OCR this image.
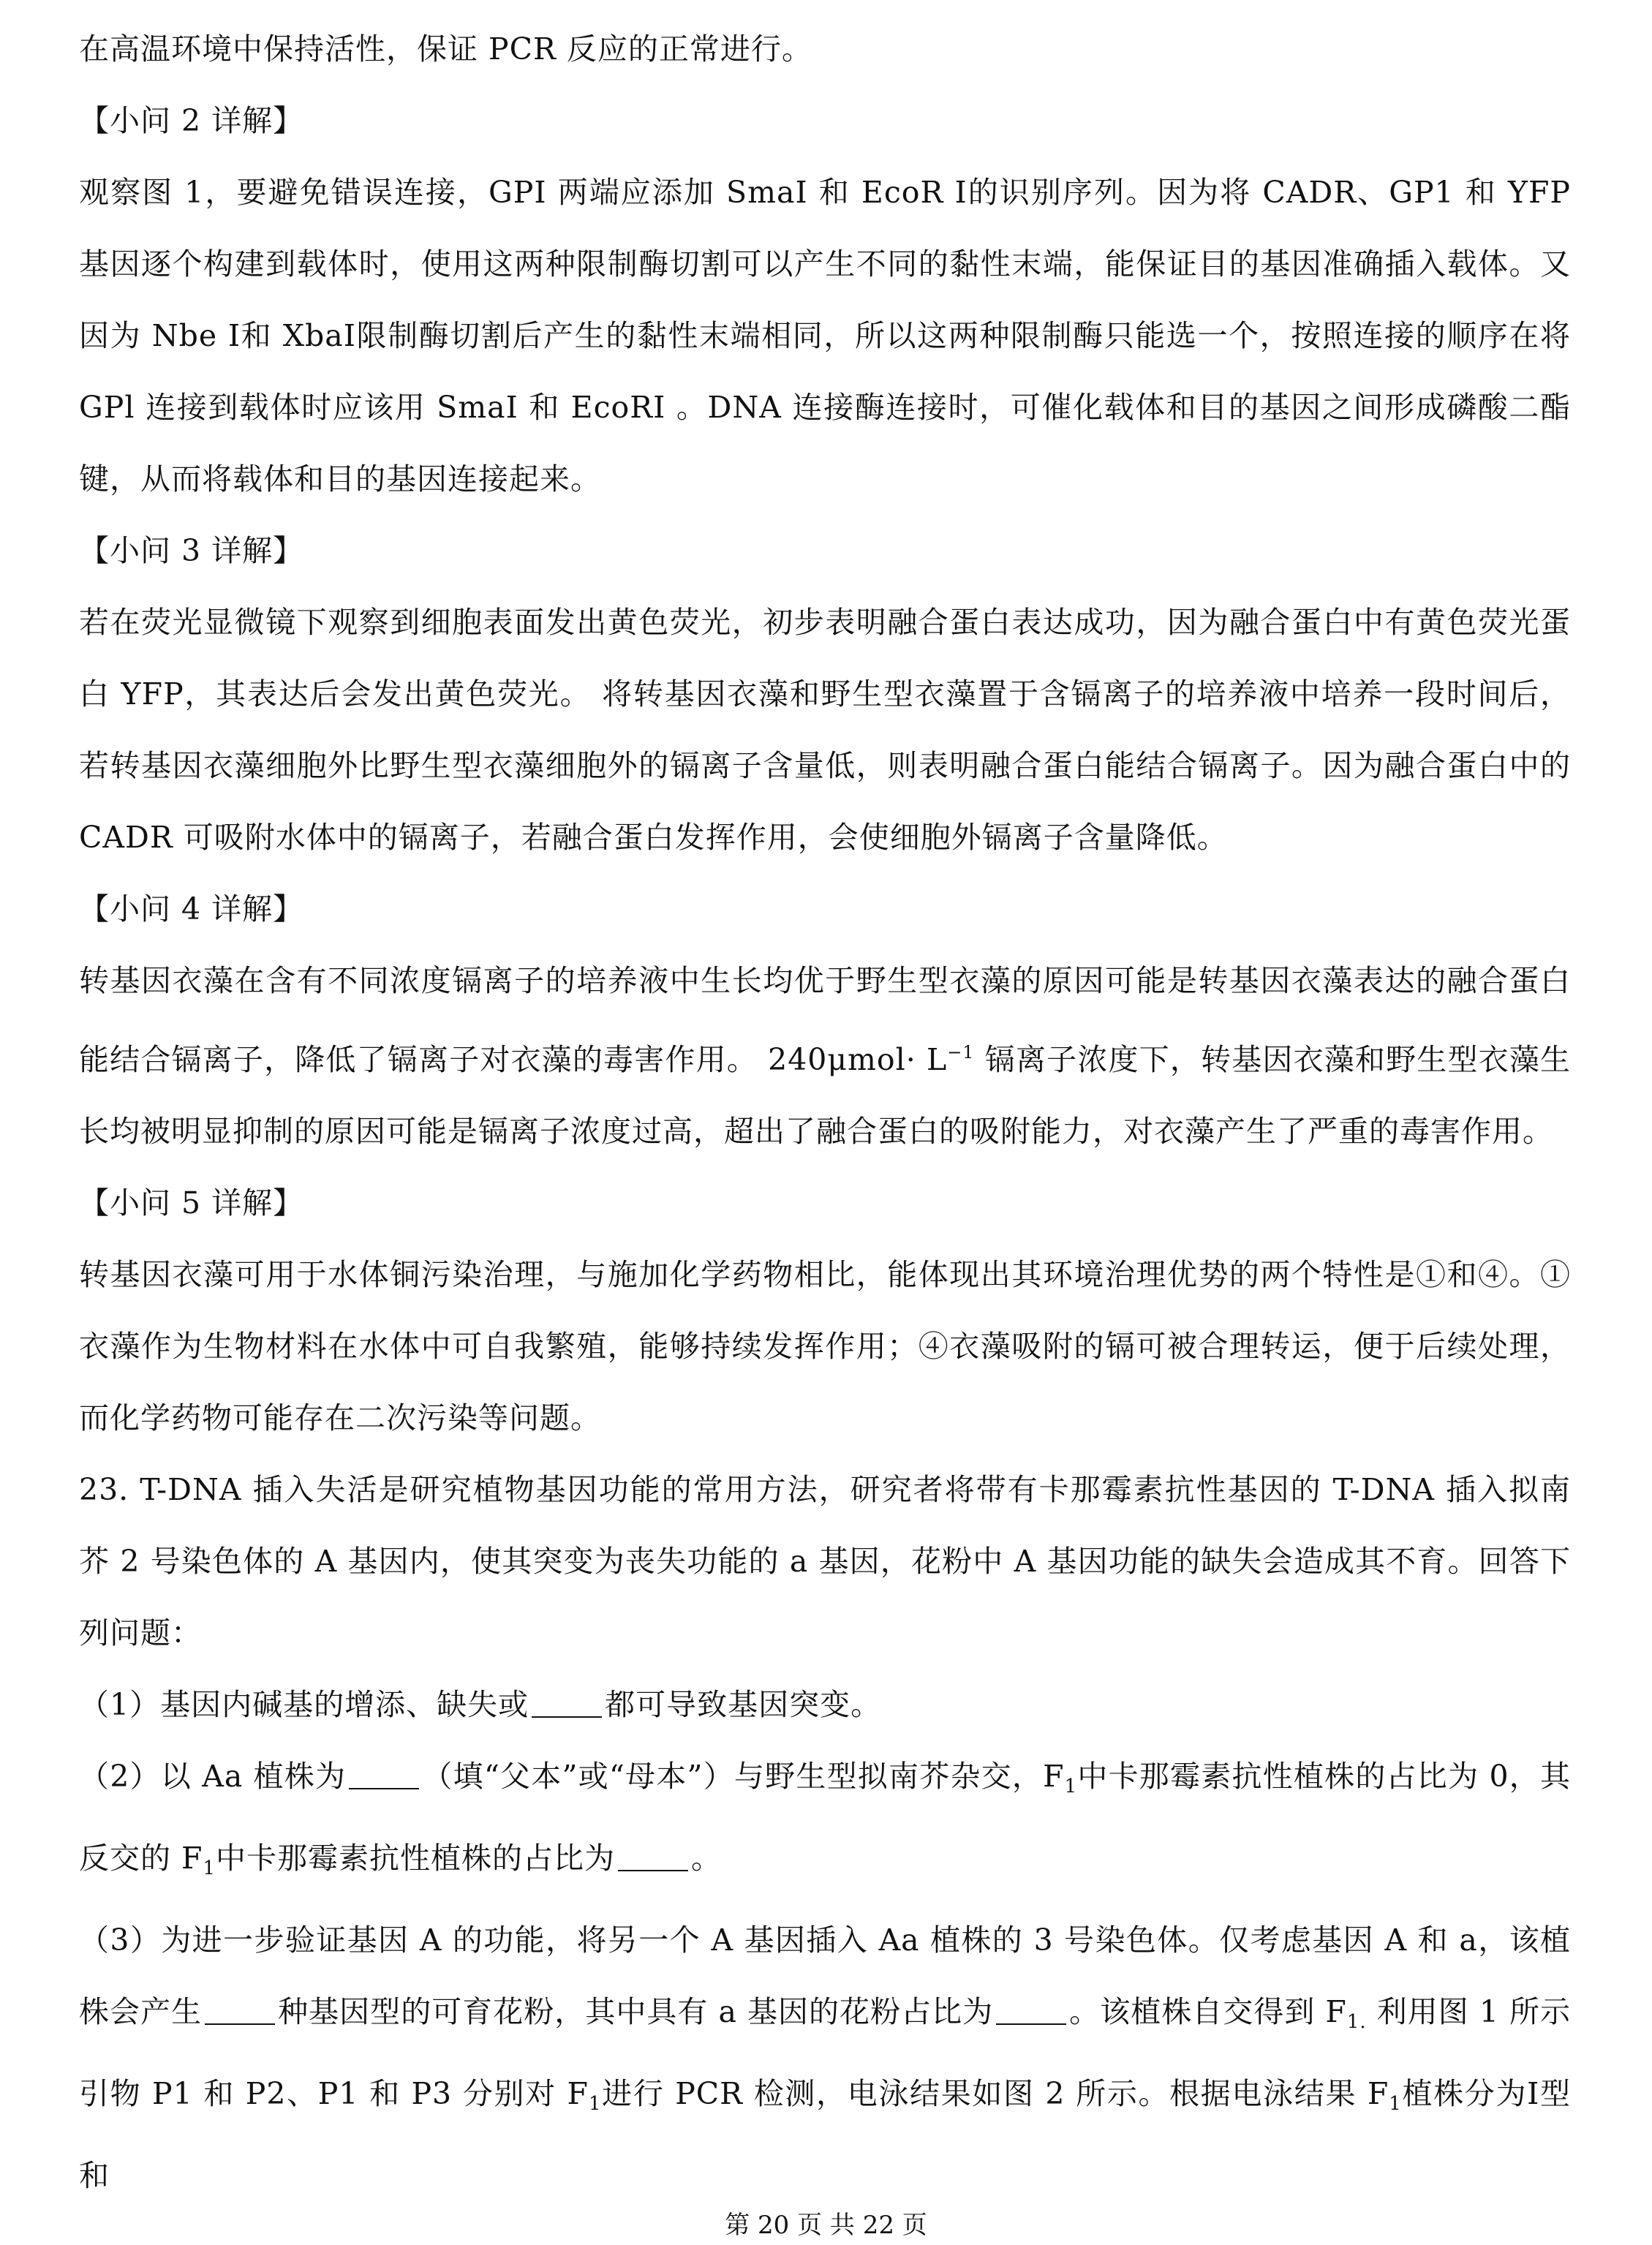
在高温环境中保持活性，保证 PCR 反应的正常进行。

【小问 2 详解】

观察图 1，要避免错误连接，GPI 两端应添加 SmaI 和 EcoR I的识别序列。因为将 CADR、GP1 和 YFP 基因逐个构建到载体时，使用这两种限制酶切割可以产生不同的黏性末端，能保证目的基因准确插入载体。又因为 Nbe I和 XbaI限制酶切割后产生的黏性末端相同，所以这两种限制酶只能选一个，按照连接的顺序在将 GPl 连接到载体时应该用 SmaI 和 EcoRI 。DNA 连接酶连接时，可催化载体和目的基因之间形成磷酸二酯键，从而将载体和目的基因连接起来。

【小问 3 详解】

若在荧光显微镜下观察到细胞表面发出黄色荧光，初步表明融合蛋白表达成功，因为融合蛋白中有黄色荧光蛋白 YFP，其表达后会发出黄色荧光。 将转基因衣藻和野生型衣藻置于含镉离子的培养液中培养一段时间后，若转基因衣藻细胞外比野生型衣藻细胞外的镉离子含量低，则表明融合蛋白能结合镉离子。因为融合蛋白中的 CADR 可吸附水体中的镉离子，若融合蛋白发挥作用，会使细胞外镉离子含量降低。

【小问 4 详解】

转基因衣藻在含有不同浓度镉离子的培养液中生长均优于野生型衣藻的原因可能是转基因衣藻表达的融合蛋白能结合镉离子，降低了镉离子对衣藻的毒害作用。 $240\mu mol\cdot L^{-1}$ 镉离子浓度下，转基因衣藻和野生型衣藻生长均被明显抑制的原因可能是镉离子浓度过高，超出了融合蛋白的吸附能力，对衣藻产生了严重的毒害作用。

【小问 5 详解】

转基因衣藻可用于水体铜污染治理，与施加化学药物相比，能体现出其环境治理优势的两个特性是①和④。①衣藻作为生物材料在水体中可自我繁殖，能够持续发挥作用；④衣藻吸附的镉可被合理转运，便于后续处理，而化学药物可能存在二次污染等问题。

23. T-DNA 插入失活是研究植物基因功能的常用方法，研究者将带有卡那霉素抗性基因的 T-DNA 插入拟南芥 2 号染色体的 A 基因内，使其突变为丧失功能的 a 基因，花粉中 A 基因功能的缺失会造成其不育。回答下列问题：

（1）基因内碱基的增添、缺失或	都可导致基因突变。

（2）以 Aa 植株为	（填“父本”或“母本”）与野生型拟南芥杂交，$F_1$中卡那霉素抗性植株的占比为 0，其反交的 $F_1$中卡那霉素抗性植株的占比为	。

（3）为进一步验证基因 A 的功能，将另一个 A 基因插入 Aa 植株的 3 号染色体。仅考虑基因 A 和 a，该植株会产生	种基因型的可育花粉，其中具有 a 基因的花粉占比为	。该植株自交得到 $F_{1.}$ 利用图 1 所示引物 P1 和 P2、P1 和 P3 分别对 $F_1$进行 PCR 检测，电泳结果如图 2 所示。根据电泳结果 $F_1$植株分为I型和

第 20 页 共 22 页
